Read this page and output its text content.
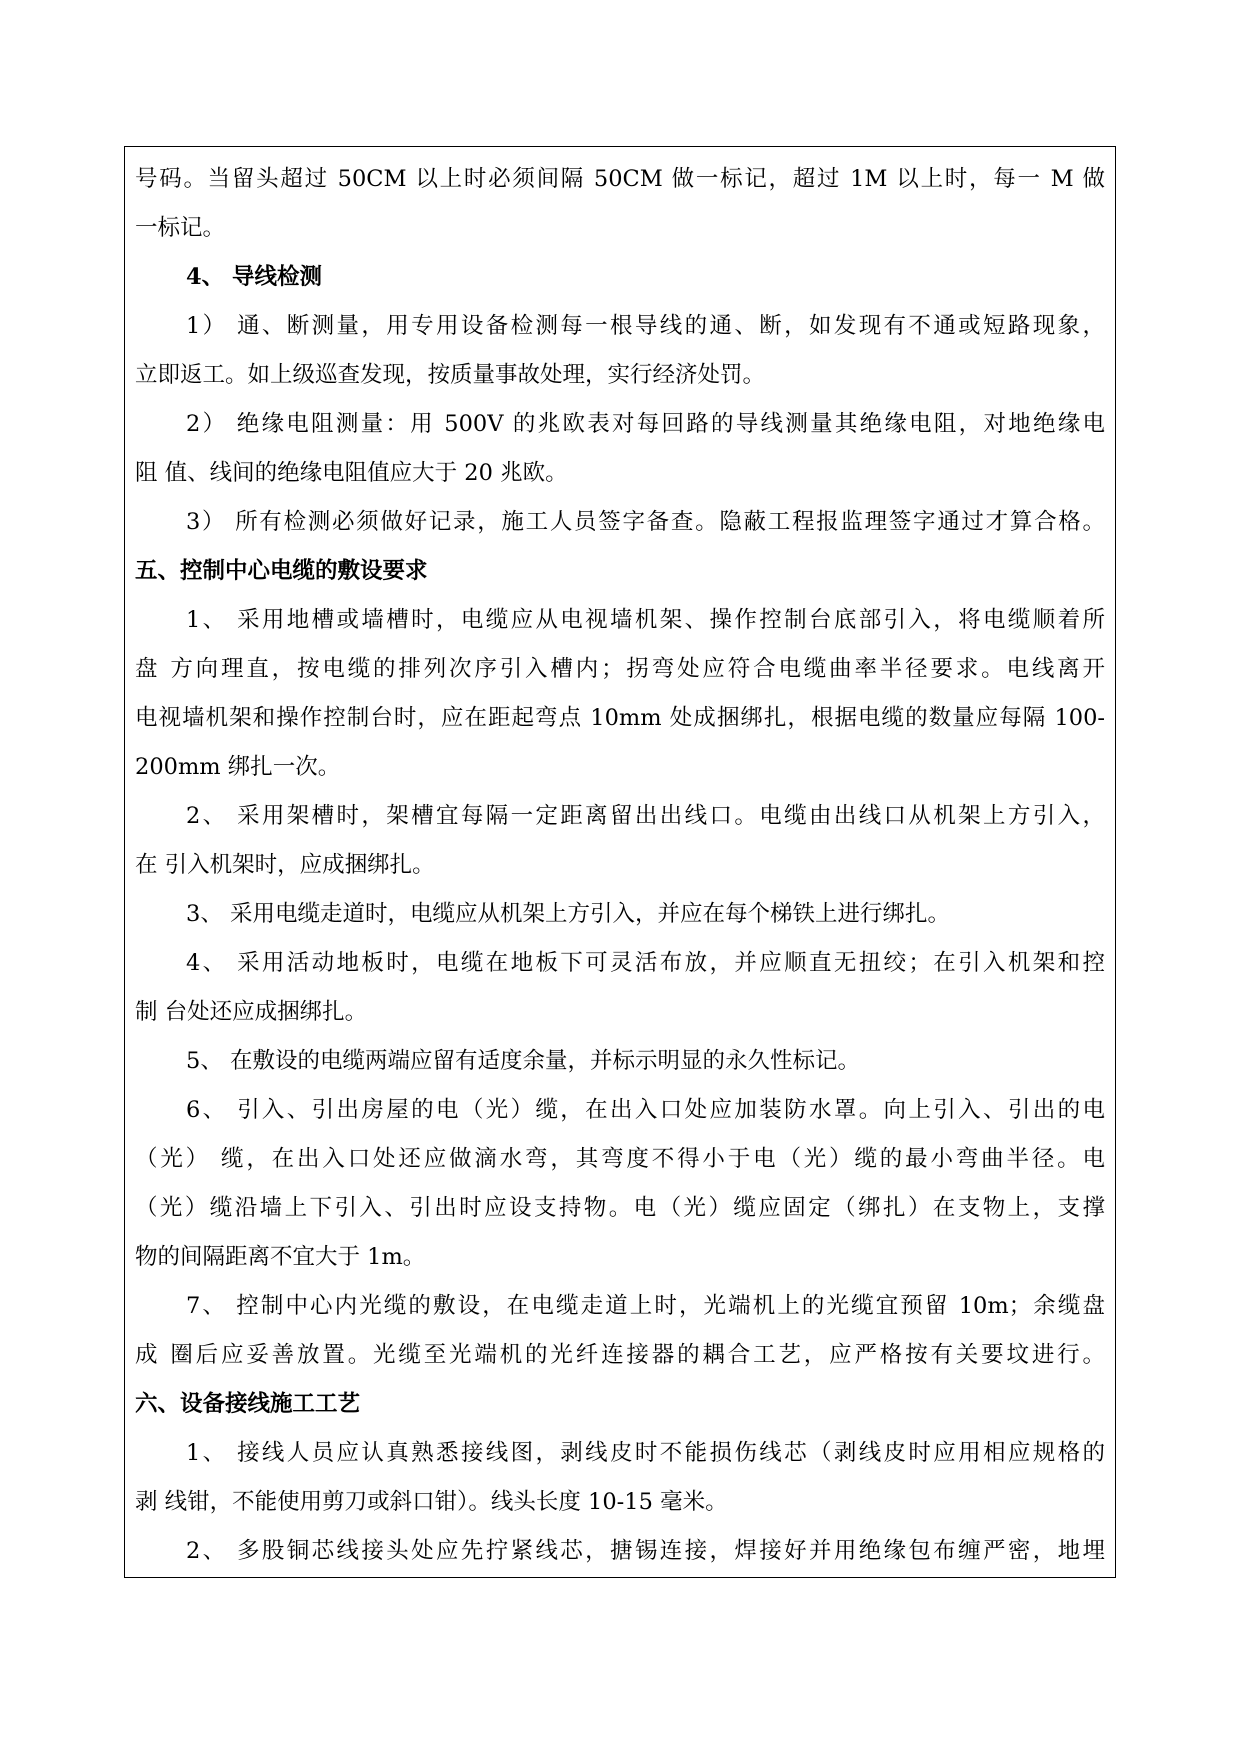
号码。当留头超过 50CM 以上时必须间隔 50CM 做一标记，超过 1M 以上时，每一 M 做
一标记。
4、 导线检测
1） 通、断测量，用专用设备检测每一根导线的通、断，如发现有不通或短路现象，
立即返工。如上级巡查发现，按质量事故处理，实行经济处罚。
2） 绝缘电阻测量：用 500V 的兆欧表对每回路的导线测量其绝缘电阻，对地绝缘电
阻 值、线间的绝缘电阻值应大于 20 兆欧。
3） 所有检测必须做好记录，施工人员签字备查。隐蔽工程报监理签字通过才算合格。
五、控制中心电缆的敷设要求
1、 采用地槽或墙槽时，电缆应从电视墙机架、操作控制台底部引入，将电缆顺着所
盘 方向理直，按电缆的排列次序引入槽内；拐弯处应符合电缆曲率半径要求。电线离开
电视墙机架和操作控制台时，应在距起弯点 10mm 处成捆绑扎，根据电缆的数量应每隔 100-
200mm 绑扎一次。
2、 采用架槽时，架槽宜每隔一定距离留出出线口。电缆由出线口从机架上方引入，
在 引入机架时，应成捆绑扎。
3、 采用电缆走道时，电缆应从机架上方引入，并应在每个梯铁上进行绑扎。
4、 采用活动地板时，电缆在地板下可灵活布放，并应顺直无扭绞；在引入机架和控
制 台处还应成捆绑扎。
5、 在敷设的电缆两端应留有适度余量，并标示明显的永久性标记。
6、 引入、引出房屋的电（光）缆，在出入口处应加装防水罩。向上引入、引出的电
（光） 缆，在出入口处还应做滴水弯，其弯度不得小于电（光）缆的最小弯曲半径。电
（光）缆沿墙上下引入、引出时应设支持物。电（光）缆应固定（绑扎）在支物上，支撑
物的间隔距离不宜大于 1m。
7、 控制中心内光缆的敷设，在电缆走道上时，光端机上的光缆宜预留 10m；余缆盘
成 圈后应妥善放置。光缆至光端机的光纤连接器的耦合工艺，应严格按有关要坟进行。
六、设备接线施工工艺
1、 接线人员应认真熟悉接线图，剥线皮时不能损伤线芯（剥线皮时应用相应规格的
剥 线钳，不能使用剪刀或斜口钳）。线头长度 10-15 毫米。
2、 多股铜芯线接头处应先拧紧线芯，搪锡连接，焊接好并用绝缘包布缠严密，地埋
